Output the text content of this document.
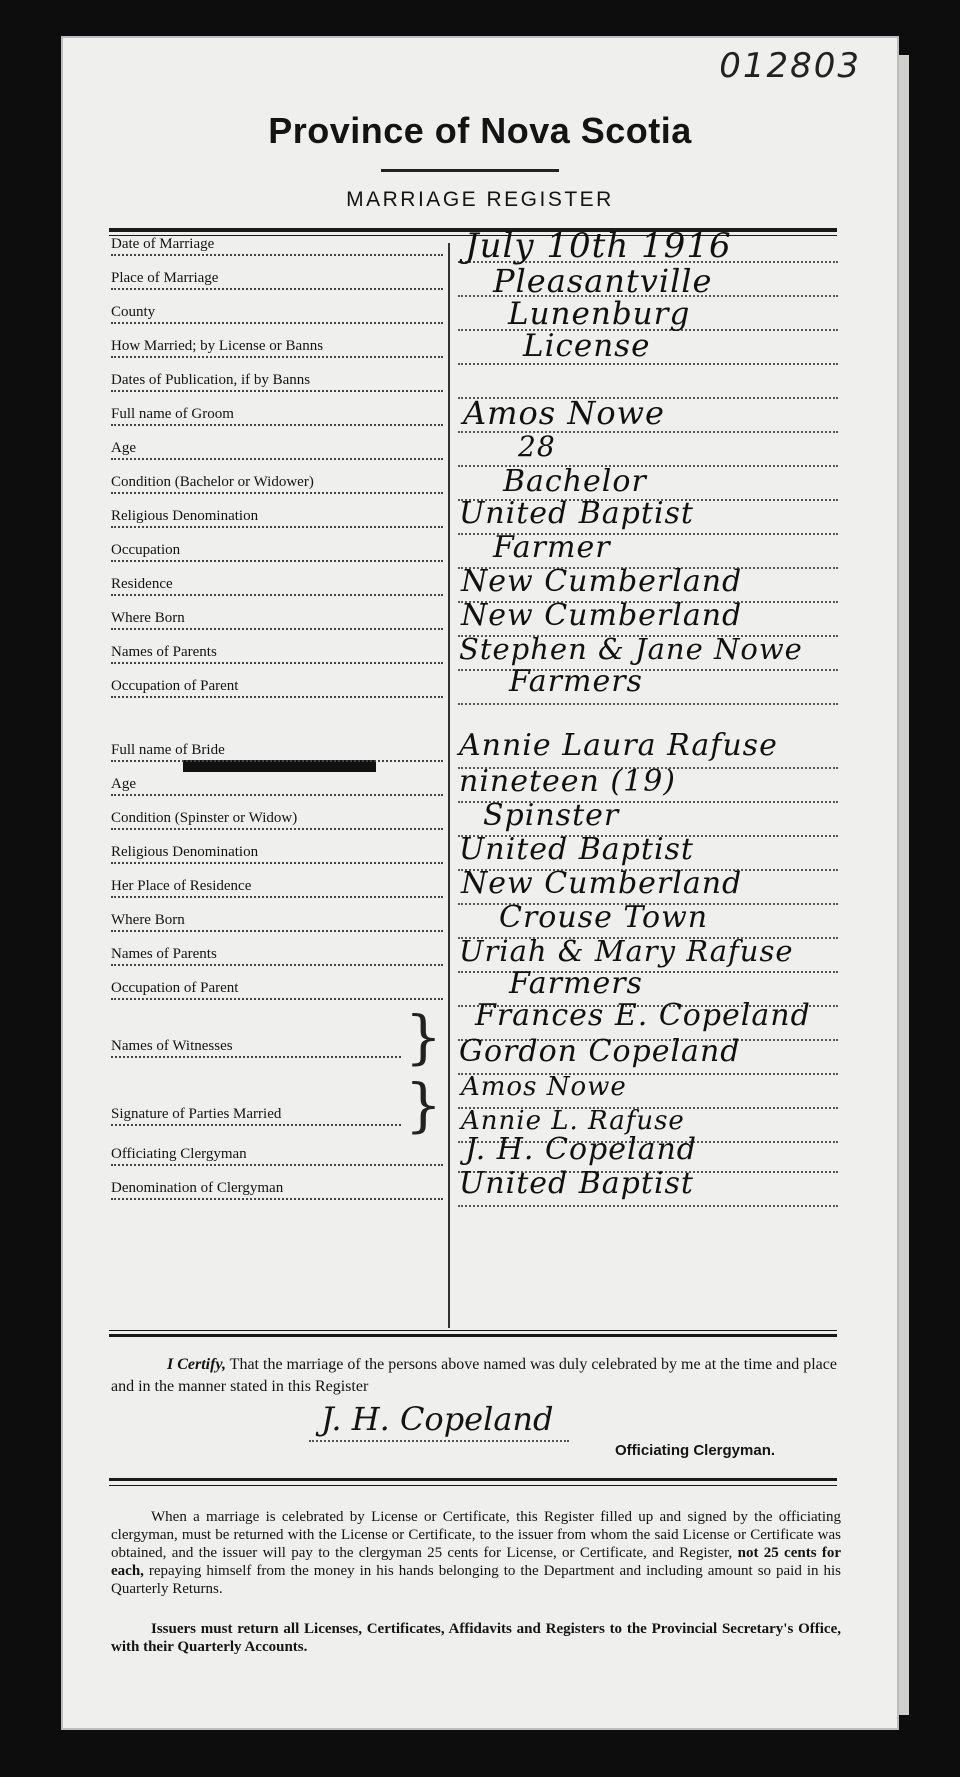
012803
Province of Nova Scotia
MARRIAGE REGISTER
Date of Marriage	July 10th 1916
Place of Marriage	Pleasantville
County	Lunenburg
How Married; by License or Banns	License
Dates of Publication, if by Banns
Full name of Groom	Amos Nowe
Age	28
Condition (Bachelor or Widower)	Bachelor
Religious Denomination	United Baptist
Occupation	Farmer
Residence	New Cumberland
Where Born	New Cumberland
Names of Parents	Stephen & Jane Nowe
Occupation of Parent	Farmers
Full name of Bride	Annie Laura Rafuse
Age	nineteen (19)
Condition (Spinster or Widow)	Spinster
Religious Denomination	United Baptist
Her Place of Residence	New Cumberland
Where Born	Crouse Town
Names of Parents	Uriah & Mary Rafuse
Occupation of Parent	Farmers
Frances E. Copeland
Names of Witnesses	} Gordon Copeland
Amos Nowe
Signature of Parties Married	} Annie L. Rafuse
Officiating Clergyman	J. H. Copeland
Denomination of Clergyman	United Baptist
I Certify, That the marriage of the persons above named was duly celebrated by me at the time and place and in the manner stated in this Register
J. H. Copeland
Officiating Clergyman.
When a marriage is celebrated by License or Certificate, this Register filled up and signed by the officiating clergyman, must be returned with the License or Certificate, to the issuer from whom the said License or Certificate was obtained, and the issuer will pay to the clergyman 25 cents for License, or Certificate, and Register, not 25 cents for each, repaying himself from the money in his hands belonging to the Department and including amount so paid in his Quarterly Returns.
Issuers must return all Licenses, Certificates, Affidavits and Registers to the Provincial Secretary's Office, with their Quarterly Accounts.
